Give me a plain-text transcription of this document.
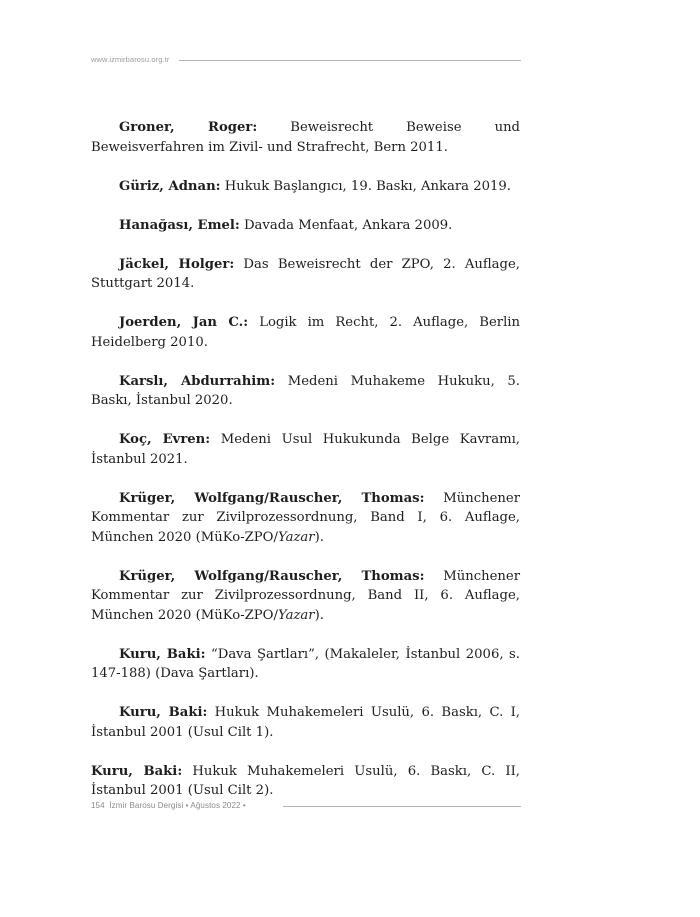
www.izmirbarosu.org.tr

Groner, Roger: Beweisrecht Beweise und Beweisverfahren im Zivil- und Strafrecht, Bern 2011.

Güriz, Adnan: Hukuk Başlangıcı, 19. Baskı, Ankara 2019.

Hanağası, Emel: Davada Menfaat, Ankara 2009.

Jäckel, Holger: Das Beweisrecht der ZPO, 2. Auflage, Stuttgart 2014.

Joerden, Jan C.: Logik im Recht, 2. Auflage, Berlin Heidelberg 2010.

Karslı, Abdurrahim: Medeni Muhakeme Hukuku, 5. Baskı, İstanbul 2020.

Koç, Evren: Medeni Usul Hukukunda Belge Kavramı, İstanbul 2021.

Krüger, Wolfgang/Rauscher, Thomas: Münchener Kommentar zur Zivilprozessordnung, Band I, 6. Auflage, München 2020 (MüKo-ZPO/Yazar).

Krüger, Wolfgang/Rauscher, Thomas: Münchener Kommentar zur Zivilprozessordnung, Band II, 6. Auflage, München 2020 (MüKo-ZPO/Yazar).

Kuru, Baki: “Dava Şartları”, (Makaleler, İstanbul 2006, s. 147-188) (Dava Şartları).

Kuru, Baki: Hukuk Muhakemeleri Usulü, 6. Baskı, C. I, İstanbul 2001 (Usul Cilt 1).

Kuru, Baki: Hukuk Muhakemeleri Usulü, 6. Baskı, C. II, İstanbul 2001 (Usul Cilt 2).

154 İzmir Barosu Dergisi • Ağustos 2022 •
